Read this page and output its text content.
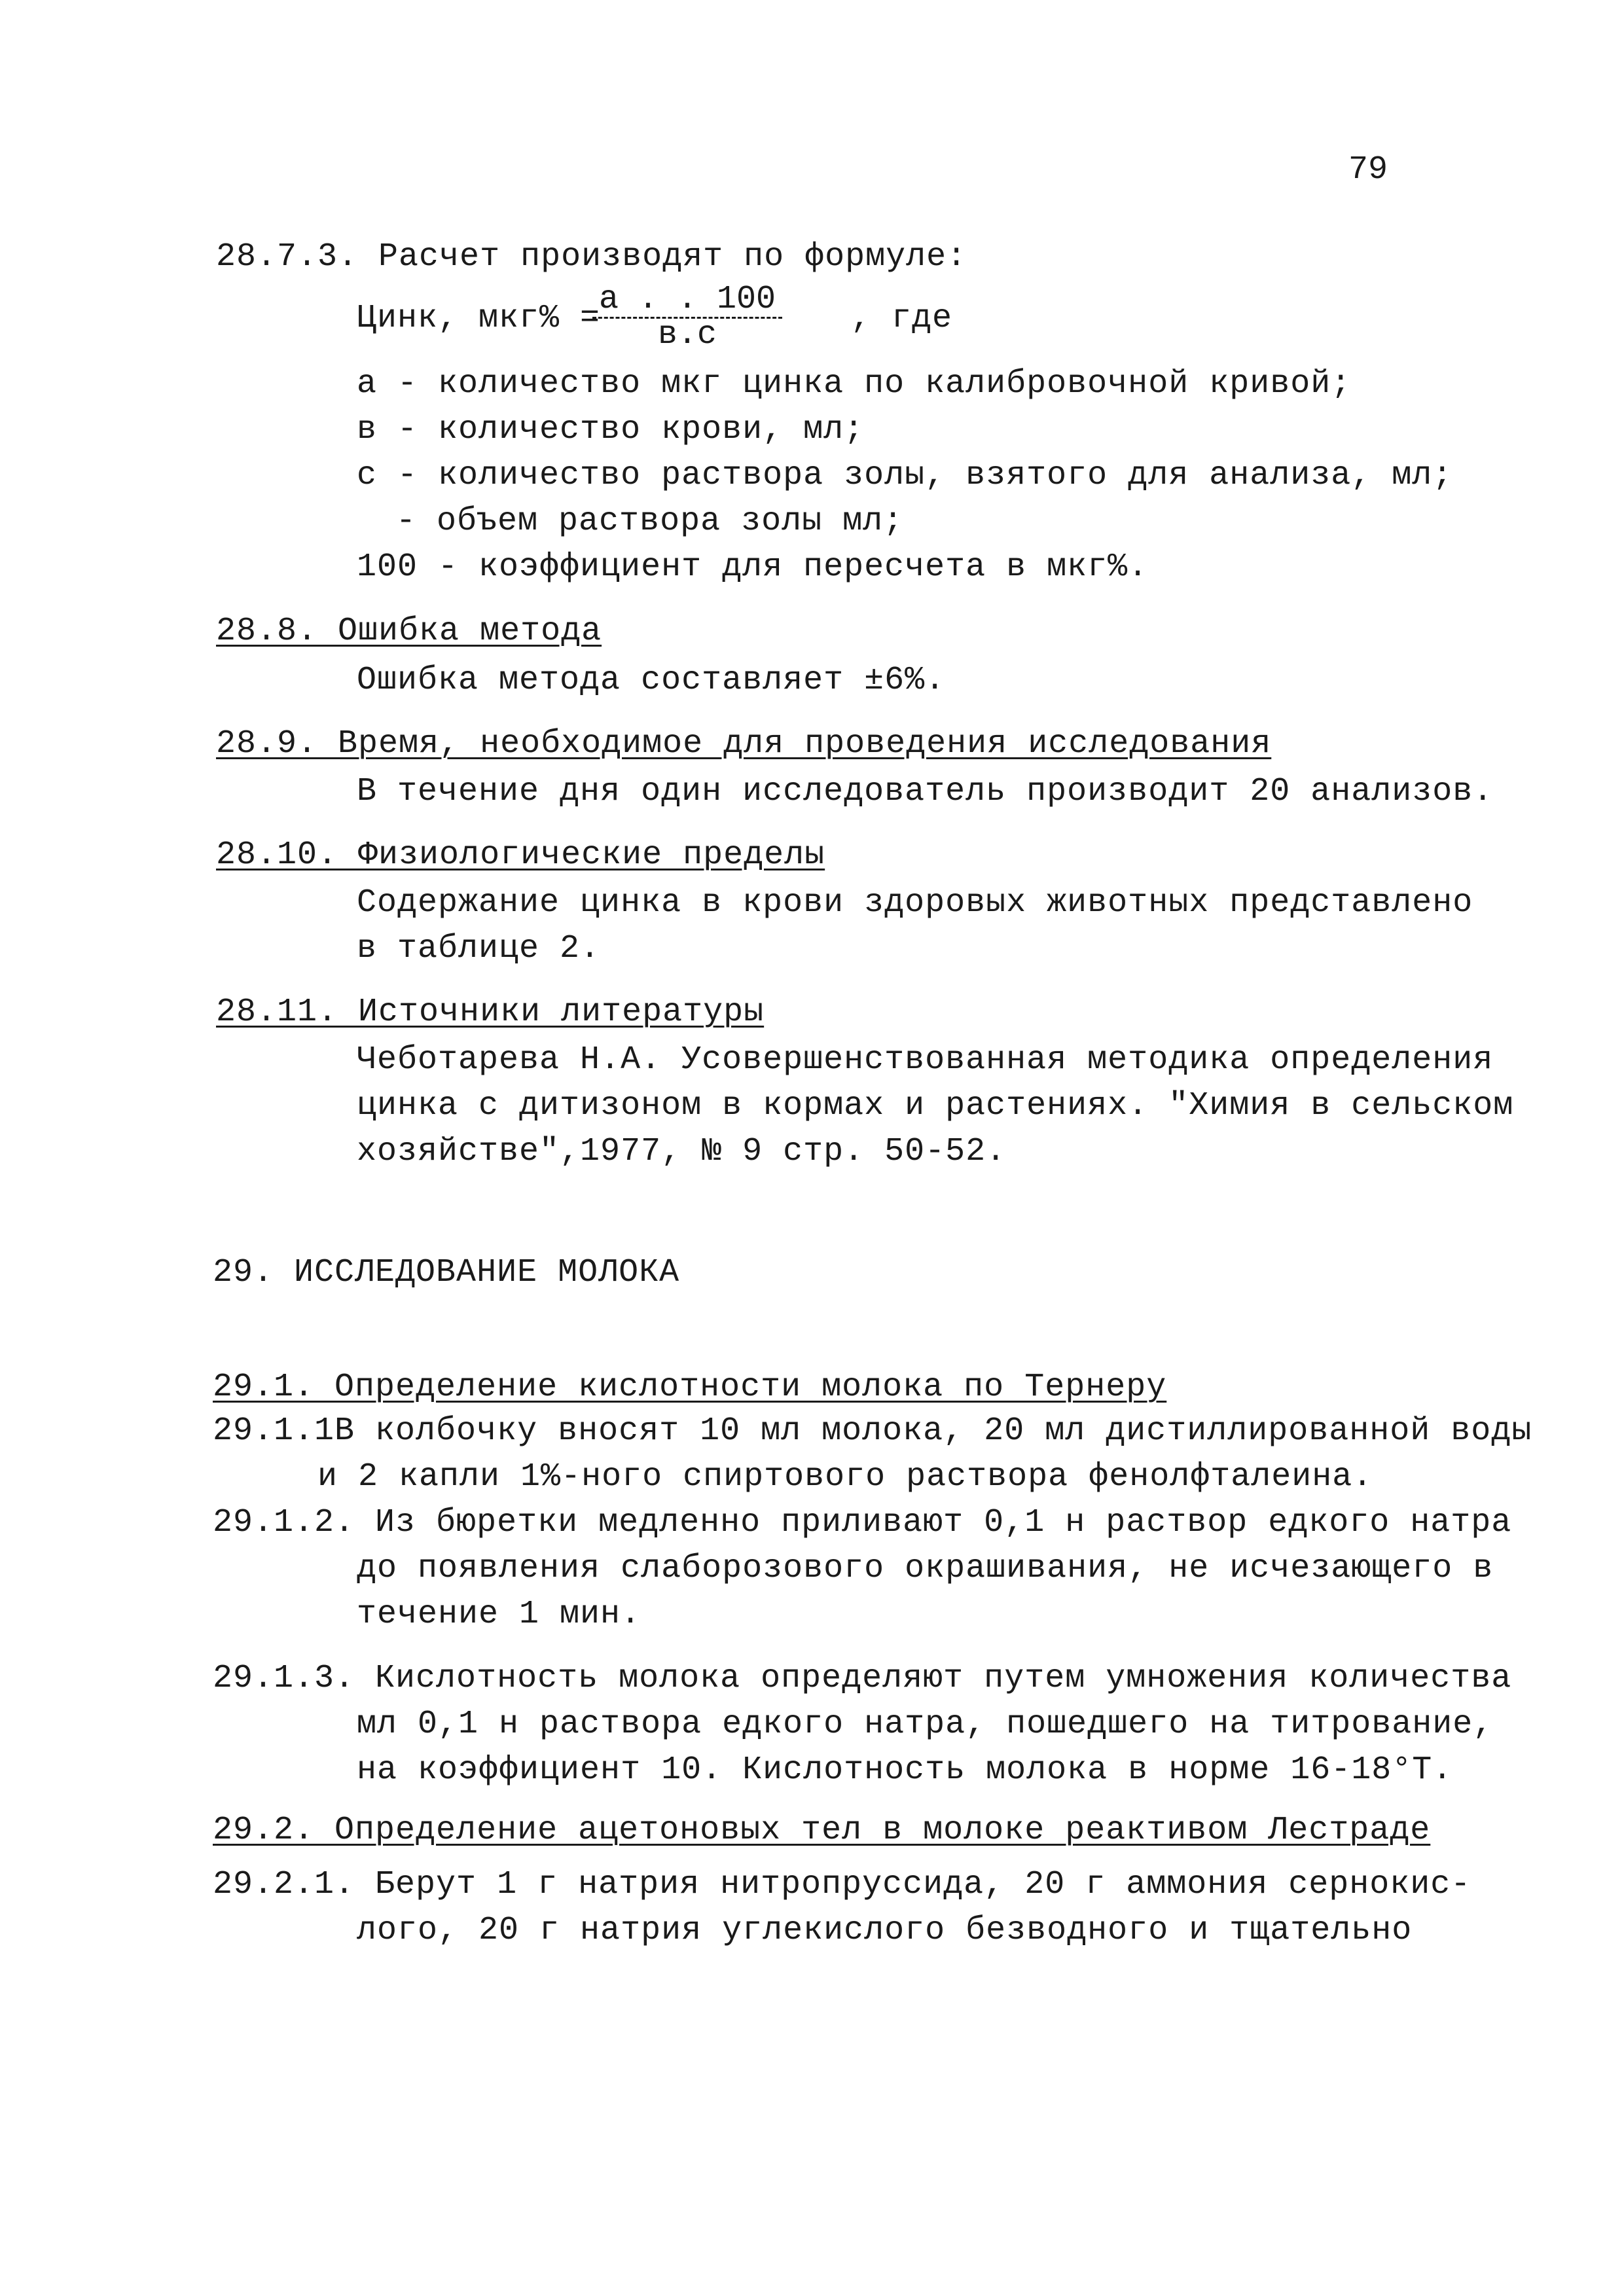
79
28.7.3. Расчет производят по формуле:
Цинк, мкг% =
а . . 100
в.с	, где
а - количество мкг цинка по калибровочной кривой;
в - количество крови, мл;
с - количество раствора золы, взятого для анализа, мл;
- объем раствора золы мл;
100 - коэффициент для пересчета в мкг%.
28.8. Ошибка метода
Ошибка метода составляет ±6%.
28.9. Время, необходимое для проведения исследования
В течение дня один исследователь производит 20 анализов.
28.10. Физиологические пределы
Содержание цинка в крови здоровых животных представлено
в таблице 2.
28.11. Источники литературы
Чеботарева Н.А. Усовершенствованная методика определения
цинка с дитизоном в кормах и растениях. "Химия в сельском
хозяйстве",1977, № 9 стр. 50-52.
29. ИССЛЕДОВАНИЕ МОЛОКА
29.1. Определение кислотности молока по Тернеру
29.1.1В колбочку вносят 10 мл молока, 20 мл дистиллированной воды
и 2 капли 1%-ного спиртового раствора фенолфталеина.
29.1.2. Из бюретки медленно приливают 0,1 н раствор едкого натра
до появления слаборозового окрашивания, не исчезающего в
течение 1 мин.
29.1.3. Кислотность молока определяют путем умножения количества
мл 0,1 н раствора едкого натра, пошедшего на титрование,
на коэффициент 10. Кислотность молока в норме 16-18°Т.
29.2. Определение ацетоновых тел в молоке реактивом Лестраде
29.2.1. Берут 1 г натрия нитропруссида, 20 г аммония сернокис-
лого, 20 г натрия углекислого безводного и тщательно
